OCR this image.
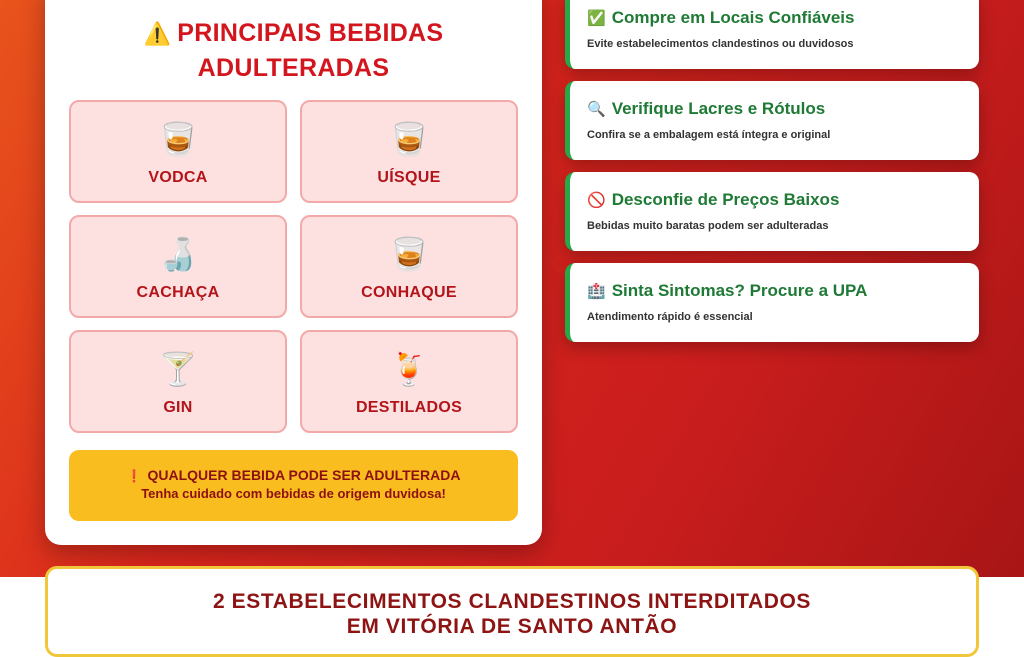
⚠️ PRINCIPAIS BEBIDAS
ADULTERADAS
🥃
VODCA
🥃
UÍSQUE
🍶
CACHAÇA
🥃
CONHAQUE
🍸
GIN
🍹
DESTILADOS
❗ QUALQUER BEBIDA PODE SER ADULTERADA
Tenha cuidado com bebidas de origem duvidosa!
✅ Compre em Locais Confiáveis
Evite estabelecimentos clandestinos ou duvidosos
🔍 Verifique Lacres e Rótulos
Confira se a embalagem está íntegra e original
🚫 Desconfie de Preços Baixos
Bebidas muito baratas podem ser adulteradas
🏥 Sinta Sintomas? Procure a UPA
Atendimento rápido é essencial
2 ESTABELECIMENTOS CLANDESTINOS INTERDITADOS
EM VITÓRIA DE SANTO ANTÃO
